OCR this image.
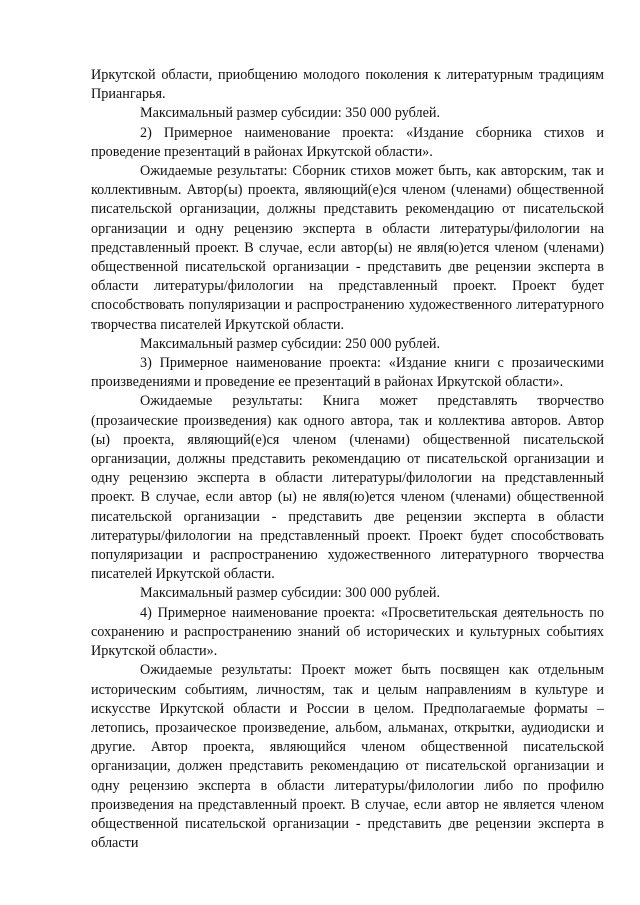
Иркутской области, приобщению молодого поколения к литературным традициям Приангарья.

Максимальный размер субсидии: 350 000 рублей.

2) Примерное наименование проекта: «Издание сборника стихов и проведение презентаций в районах Иркутской области».

Ожидаемые результаты: Сборник стихов может быть, как авторским, так и коллективным. Автор(ы) проекта, являющий(е)ся членом (членами) общественной писательской организации, должны представить рекомендацию от писательской организации и одну рецензию эксперта в области литературы/филологии на представленный проект. В случае, если автор(ы) не явля(ю)ется членом (членами) общественной писательской организации - представить две рецензии эксперта в области литературы/филологии на представленный проект. Проект будет способствовать популяризации и распространению художественного литературного творчества писателей Иркутской области.

Максимальный размер субсидии: 250 000 рублей.

3) Примерное наименование проекта: «Издание книги с прозаическими произведениями и проведение ее презентаций в районах Иркутской области».

Ожидаемые результаты: Книга может представлять творчество (прозаические произведения) как одного автора, так и коллектива авторов. Автор (ы) проекта, являющий(е)ся членом (членами) общественной писательской организации, должны представить рекомендацию от писательской организации и одну рецензию эксперта в области литературы/филологии на представленный проект. В случае, если автор (ы) не явля(ю)ется членом (членами) общественной писательской организации - представить две рецензии эксперта в области литературы/филологии на представленный проект. Проект будет способствовать популяризации и распространению художественного литературного творчества писателей Иркутской области.

Максимальный размер субсидии: 300 000 рублей.

4) Примерное наименование проекта: «Просветительская деятельность по сохранению и распространению знаний об исторических и культурных событиях Иркутской области».

Ожидаемые результаты: Проект может быть посвящен как отдельным историческим событиям, личностям, так и целым направлениям в культуре и искусстве Иркутской области и России в целом. Предполагаемые форматы – летопись, прозаическое произведение, альбом, альманах, открытки, аудиодиски и другие. Автор проекта, являющийся членом общественной писательской организации, должен представить рекомендацию от писательской организации и одну рецензию эксперта в области литературы/филологии либо по профилю произведения на представленный проект. В случае, если автор не является членом общественной писательской организации - представить две рецензии эксперта в области
